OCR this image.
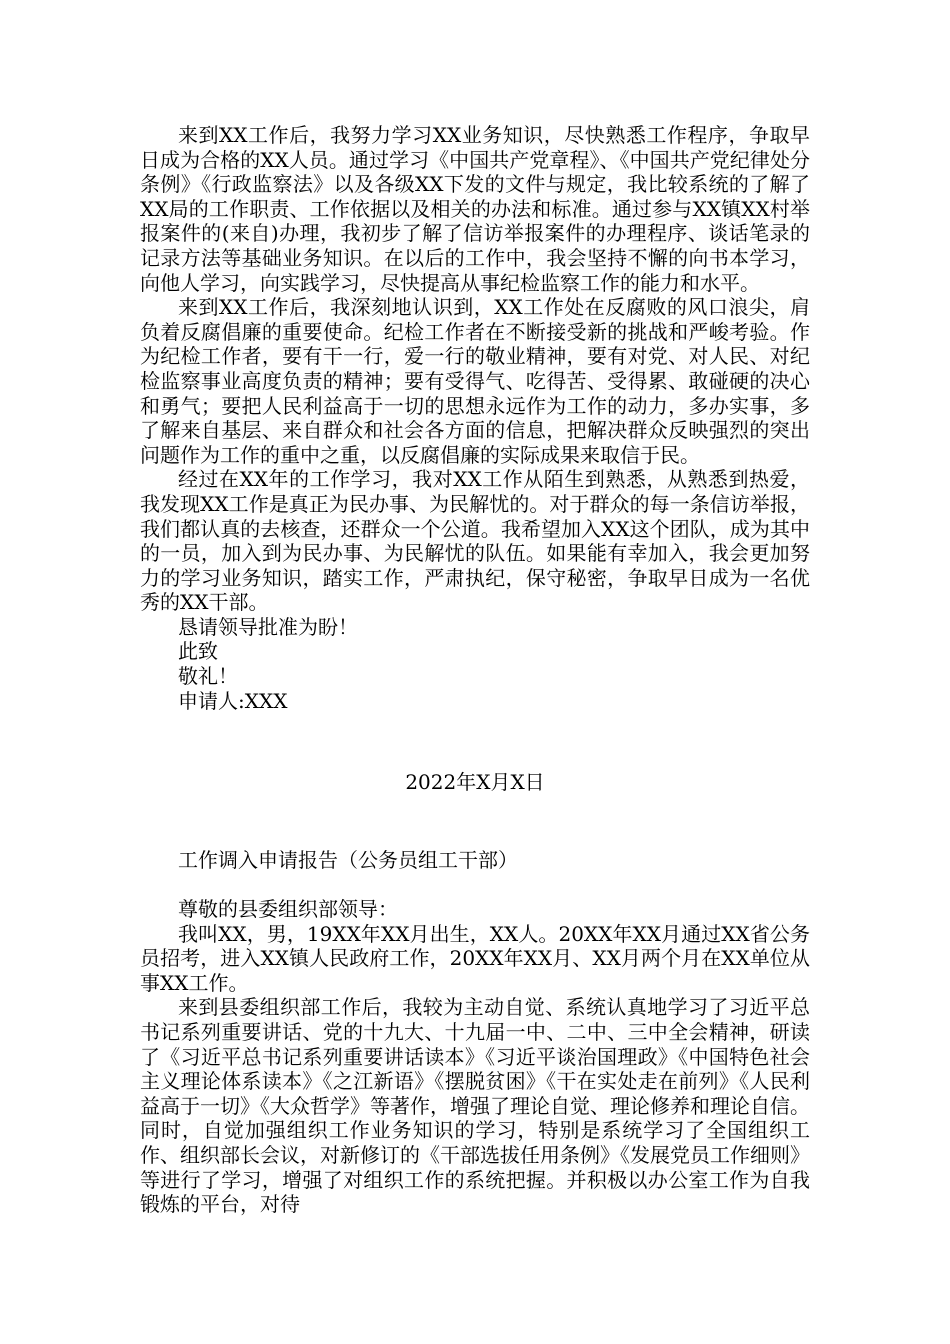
来到XX工作后，我努力学习XX业务知识，尽快熟悉工作程序，争取早日成为合格的XX人员。通过学习《中国共产党章程》、《中国共产党纪律处分条例》《行政监察法》以及各级XX下发的文件与规定，我比较系统的了解了XX局的工作职责、工作依据以及相关的办法和标准。通过参与XX镇XX村举报案件的(来自)办理，我初步了解了信访举报案件的办理程序、谈话笔录的记录方法等基础业务知识。在以后的工作中，我会坚持不懈的向书本学习，向他人学习，向实践学习，尽快提高从事纪检监察工作的能力和水平。

来到XX工作后，我深刻地认识到，XX工作处在反腐败的风口浪尖，肩负着反腐倡廉的重要使命。纪检工作者在不断接受新的挑战和严峻考验。作为纪检工作者，要有干一行，爱一行的敬业精神，要有对党、对人民、对纪检监察事业高度负责的精神；要有受得气、吃得苦、受得累、敢碰硬的决心和勇气；要把人民利益高于一切的思想永远作为工作的动力，多办实事，多了解来自基层、来自群众和社会各方面的信息，把解决群众反映强烈的突出问题作为工作的重中之重，以反腐倡廉的实际成果来取信于民。

经过在XX年的工作学习，我对XX工作从陌生到熟悉，从熟悉到热爱，我发现XX工作是真正为民办事、为民解忧的。对于群众的每一条信访举报，我们都认真的去核查，还群众一个公道。我希望加入XX这个团队，成为其中的一员，加入到为民办事、为民解忧的队伍。如果能有幸加入，我会更加努力的学习业务知识，踏实工作，严肃执纪，保守秘密，争取早日成为一名优秀的XX干部。

恳请领导批准为盼！

此致

敬礼！

申请人:XXX

2022年X月X日

工作调入申请报告（公务员组工干部）

尊敬的县委组织部领导：

我叫XX，男，19XX年XX月出生，XX人。20XX年XX月通过XX省公务员招考，进入XX镇人民政府工作，20XX年XX月、XX月两个月在XX单位从事XX工作。

来到县委组织部工作后，我较为主动自觉、系统认真地学习了习近平总书记系列重要讲话、党的十九大、十九届一中、二中、三中全会精神，研读了《习近平总书记系列重要讲话读本》《习近平谈治国理政》《中国特色社会主义理论体系读本》《之江新语》《摆脱贫困》《干在实处走在前列》《人民利益高于一切》《大众哲学》等著作，增强了理论自觉、理论修养和理论自信。同时，自觉加强组织工作业务知识的学习，特别是系统学习了全国组织工作、组织部长会议，对新修订的《干部选拔任用条例》《发展党员工作细则》等进行了学习，增强了对组织工作的系统把握。并积极以办公室工作为自我锻炼的平台，对待
